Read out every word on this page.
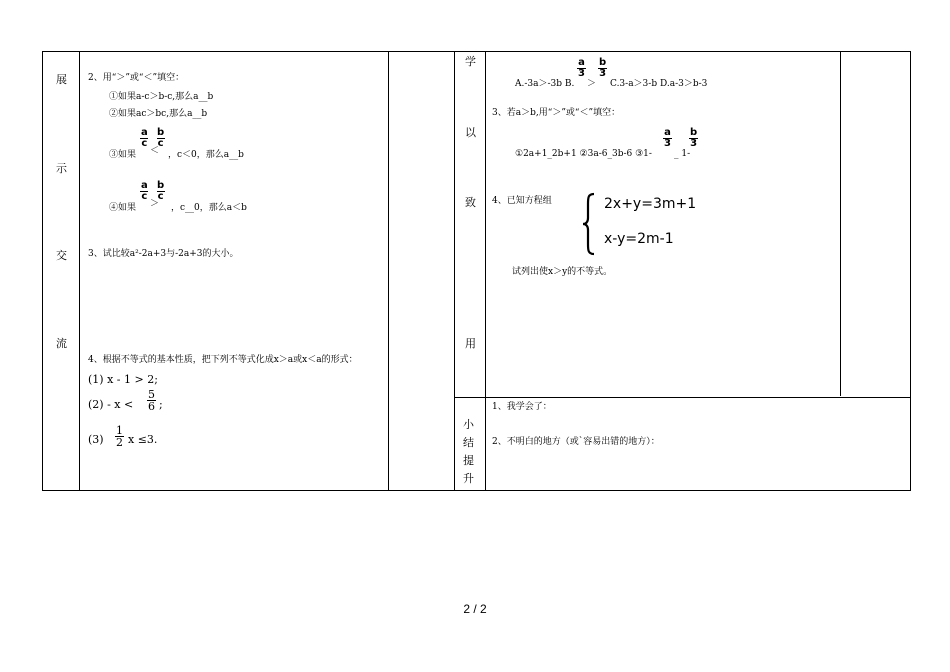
展
示
交
流
2、用“＞”或“＜”填空：
①如果a-c＞b-c,那么a__b
②如果ac＞bc,那么a__b
③如果
$\frac{a}{c}$
＜
$\frac{b}{c}$
，c＜0，那么a__b
④如果
$\frac{a}{c}$
＞
$\frac{b}{c}$
，c__0，那么a＜b
3、试比较a²-2a+3与-2a+3的大小。
4、根据不等式的基本性质，把下列不等式化成x＞a或x＜a的形式：
(1) x - 1 > 2;
$(2) - x < \frac{5}{6}$ ;
$(3) \frac{1}{2}$ x ≤3.
学
以
致
用
A.-3a＞-3b B.
$\frac{a}{3}$
＞
$\frac{b}{3}$
C.3-a＞3-b D.a-3＞b-3
3、若a＞b,用“＞”或“＜”填空：
①2a+1_2b+1 ②3a-6_3b-6 ③1-
$\frac{a}{3}$
_ 1-
$\frac{b}{3}$
4、已知方程组	2x+y=3m+1
x-y=2m-1
试列出使x＞y的不等式。
小
结
提
升
1、我学会了：
2、不明白的地方（或`容易出错的地方）：
2 / 2
